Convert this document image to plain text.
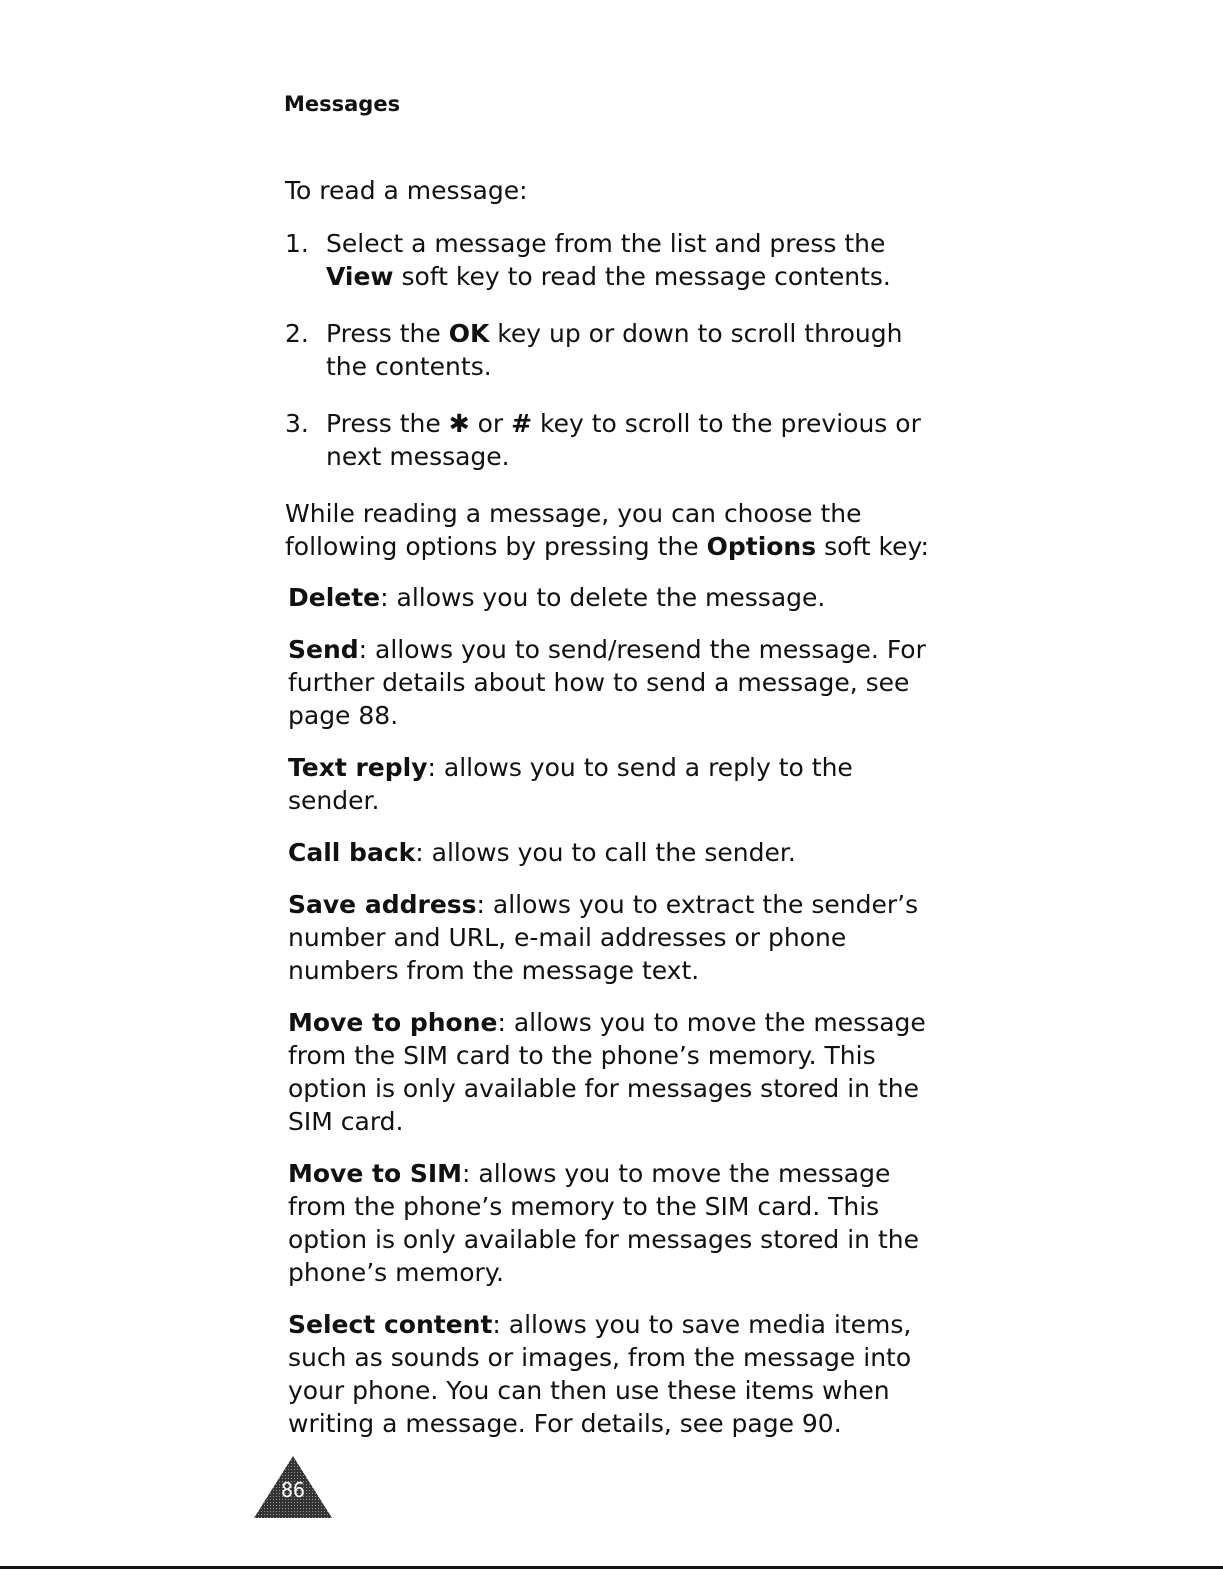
Messages

To read a message:

1. Select a message from the list and press the View soft key to read the message contents.
2. Press the OK key up or down to scroll through the contents.
3. Press the ✱ or # key to scroll to the previous or next message.

While reading a message, you can choose the following options by pressing the Options soft key:

Delete: allows you to delete the message.

Send: allows you to send/resend the message. For further details about how to send a message, see page 88.

Text reply: allows you to send a reply to the sender.

Call back: allows you to call the sender.

Save address: allows you to extract the sender’s number and URL, e-mail addresses or phone numbers from the message text.

Move to phone: allows you to move the message from the SIM card to the phone’s memory. This option is only available for messages stored in the SIM card.

Move to SIM: allows you to move the message from the phone’s memory to the SIM card. This option is only available for messages stored in the phone’s memory.

Select content: allows you to save media items, such as sounds or images, from the message into your phone. You can then use these items when writing a message. For details, see page 90.

86
